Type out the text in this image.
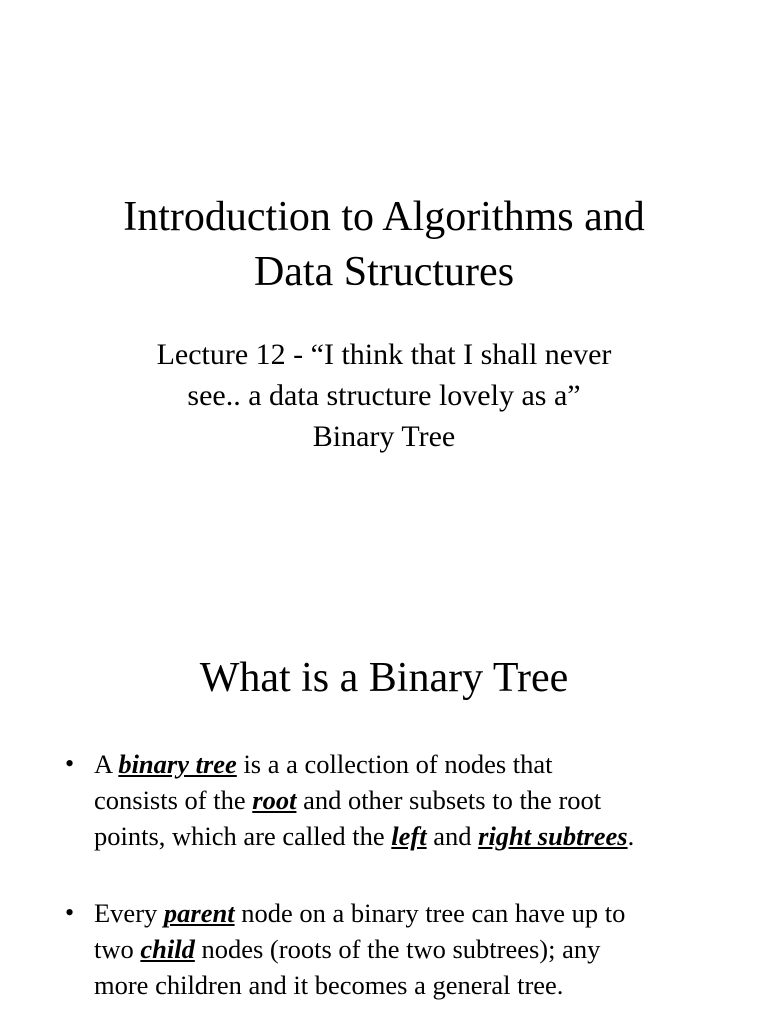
Introduction to Algorithms and
Data Structures

Lecture 12 - “I think that I shall never
see.. a data structure lovely as a”
Binary Tree

What is a Binary Tree
• A binary tree is a a collection of nodes that
consists of the root and other subsets to the root
points, which are called the left and right subtrees.

• Every parent node on a binary tree can have up to
two child nodes (roots of the two subtrees); any
more children and it becomes a general tree.
